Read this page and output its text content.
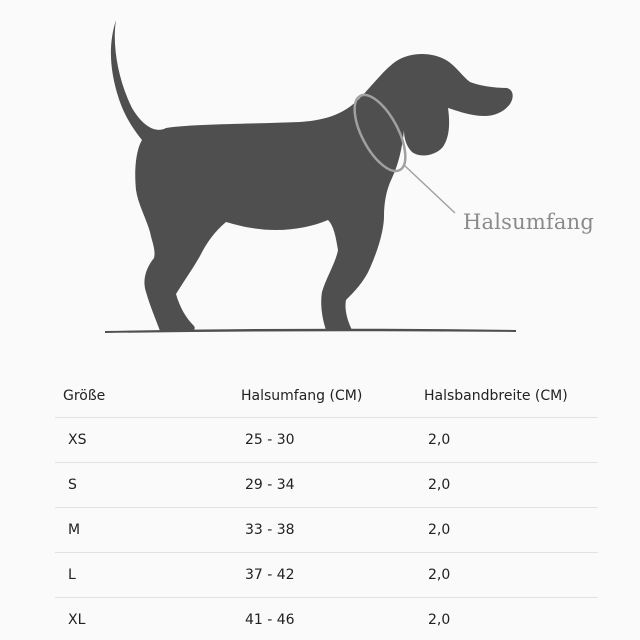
Halsumfang
Größe	Halsumfang (CM)	Halsbandbreite (CM)
XS	25 - 30	2,0
S	29 - 34	2,0
M	33 - 38	2,0
L	37 - 42	2,0
XL	41 - 46	2,0
